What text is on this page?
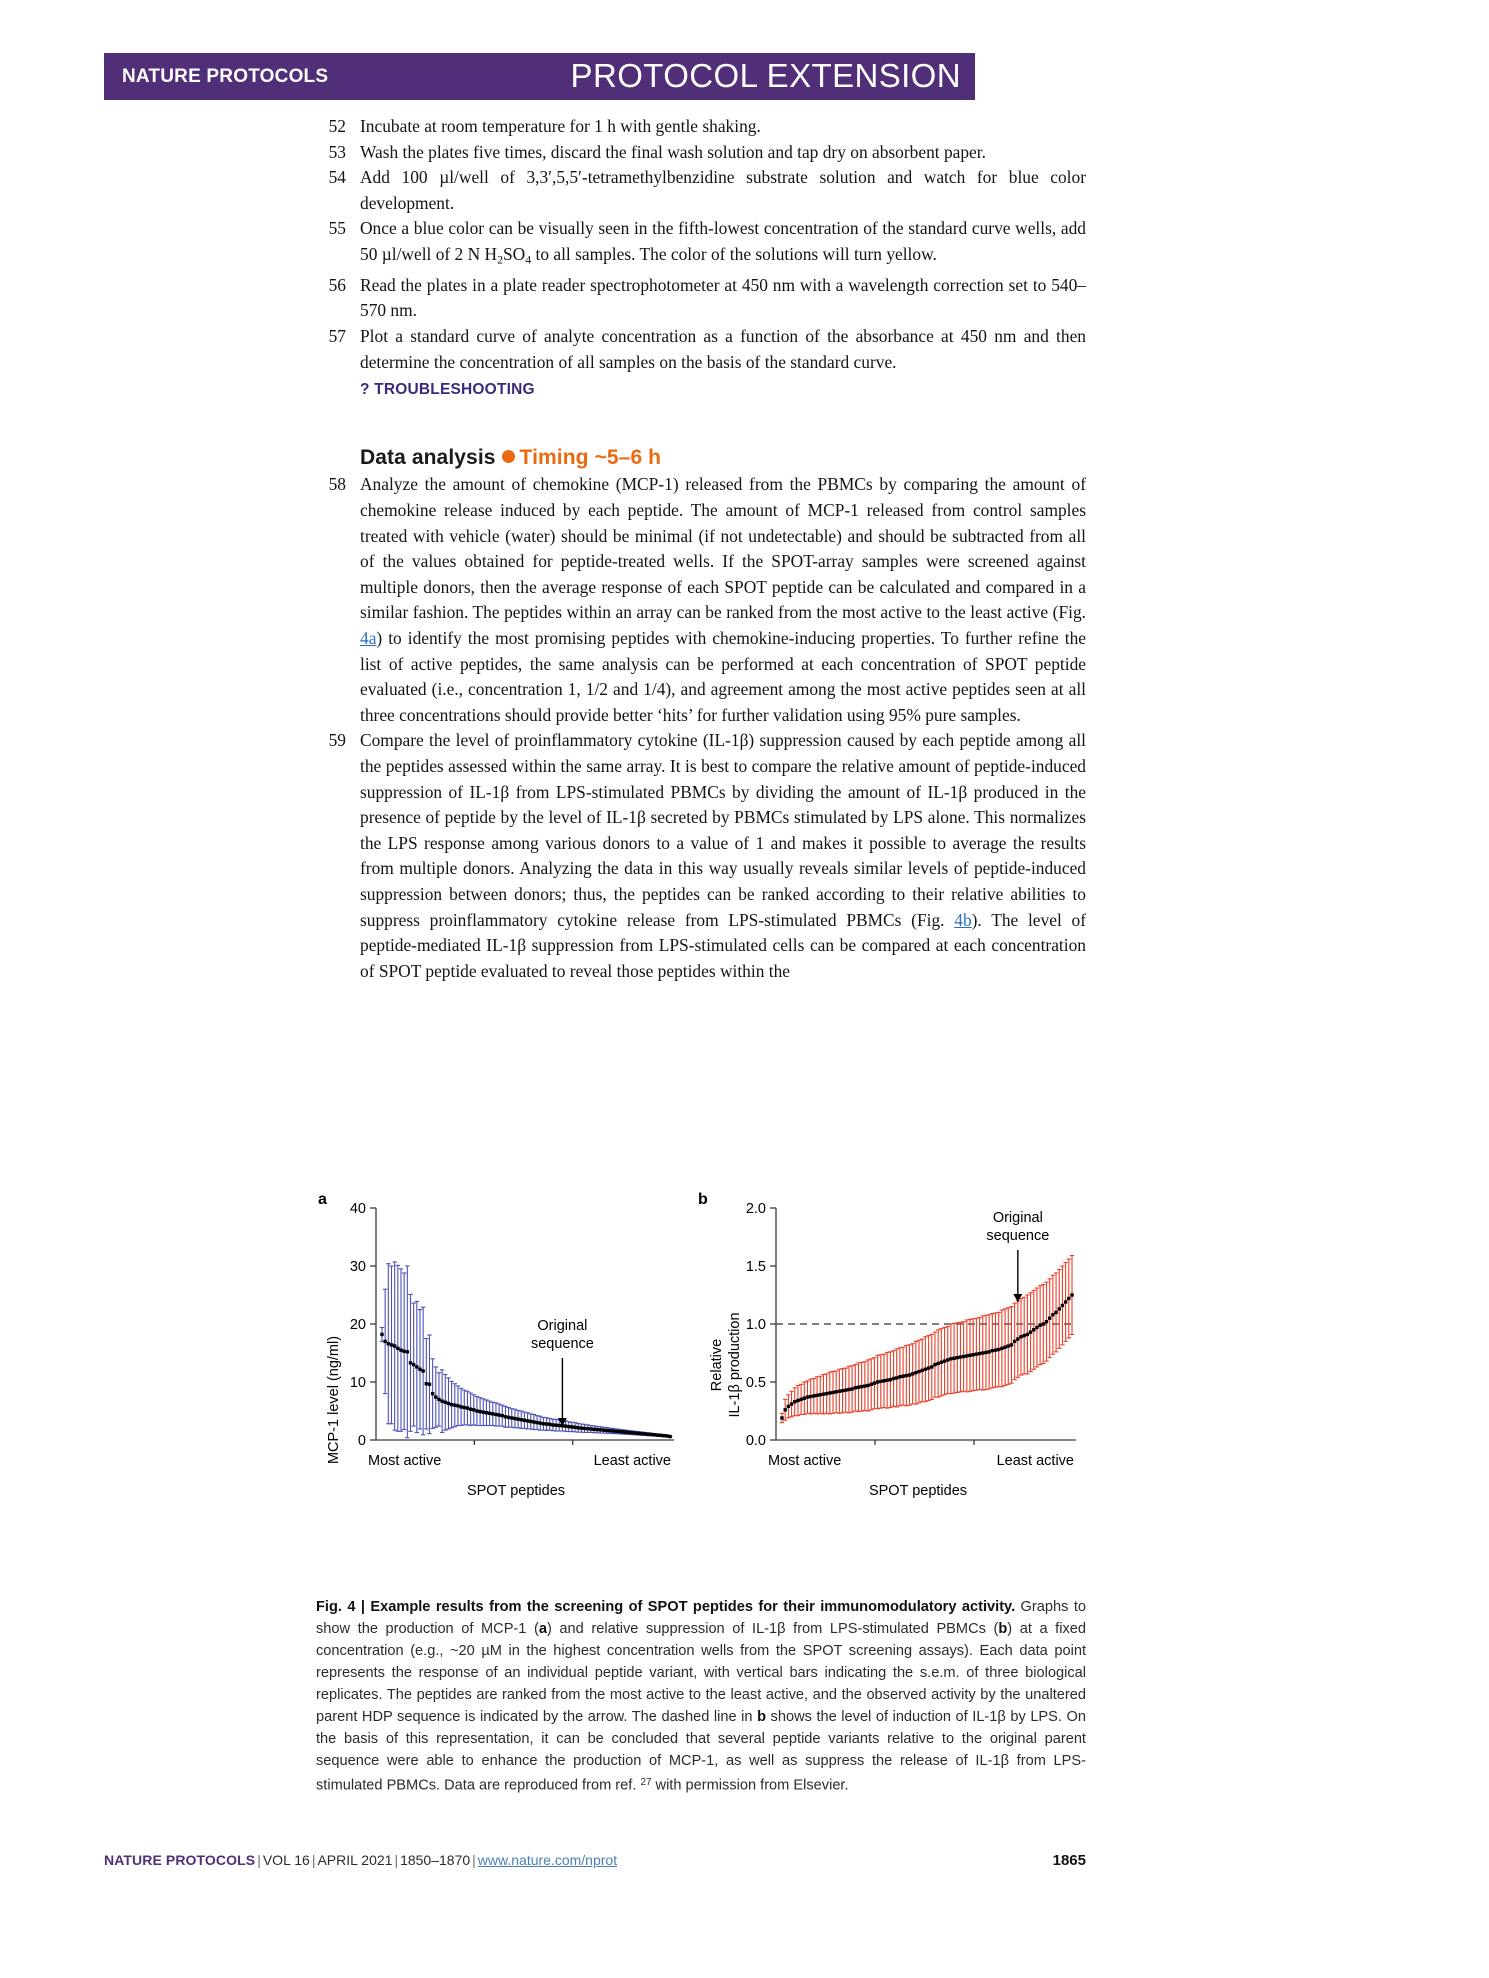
NATURE PROTOCOLS	PROTOCOL EXTENSION
52 Incubate at room temperature for 1 h with gentle shaking.
53 Wash the plates five times, discard the final wash solution and tap dry on absorbent paper.
54 Add 100 µl/well of 3,3′,5,5′-tetramethylbenzidine substrate solution and watch for blue color development.
55 Once a blue color can be visually seen in the fifth-lowest concentration of the standard curve wells, add 50 µl/well of 2 N $H_2SO_4$ to all samples. The color of the solutions will turn yellow.
56 Read the plates in a plate reader spectrophotometer at 450 nm with a wavelength correction set to 540–570 nm.
57 Plot a standard curve of analyte concentration as a function of the absorbance at 450 nm and then determine the concentration of all samples on the basis of the standard curve.
? TROUBLESHOOTING
Data analysis Timing ~5–6 h
58 Analyze the amount of chemokine (MCP-1) released from the PBMCs by comparing the amount of chemokine release induced by each peptide. The amount of MCP-1 released from control samples treated with vehicle (water) should be minimal (if not undetectable) and should be subtracted from all of the values obtained for peptide-treated wells. If the SPOT-array samples were screened against multiple donors, then the average response of each SPOT peptide can be calculated and compared in a similar fashion. The peptides within an array can be ranked from the most active to the least active (Fig. 4a) to identify the most promising peptides with chemokine-inducing properties. To further refine the list of active peptides, the same analysis can be performed at each concentration of SPOT peptide evaluated (i.e., concentration 1, 1/2 and 1/4), and agreement among the most active peptides seen at all three concentrations should provide better ‘hits’ for further validation using 95% pure samples.
59 Compare the level of proinflammatory cytokine (IL-1β) suppression caused by each peptide among all the peptides assessed within the same array. It is best to compare the relative amount of peptide-induced suppression of IL-1β from LPS-stimulated PBMCs by dividing the amount of IL-1β produced in the presence of peptide by the level of IL-1β secreted by PBMCs stimulated by LPS alone. This normalizes the LPS response among various donors to a value of 1 and makes it possible to average the results from multiple donors. Analyzing the data in this way usually reveals similar levels of peptide-induced suppression between donors; thus, the peptides can be ranked according to their relative abilities to suppress proinflammatory cytokine release from LPS-stimulated PBMCs (Fig. 4b). The level of peptide-mediated IL-1β suppression from LPS-stimulated cells can be compared at each concentration of SPOT peptide evaluated to reveal those peptides within the
a
0
10
20
30
40
MCP-1 level (ng/ml) Most active	Least active
SPOT peptides
Original
sequence
b
0.0
0.5
1.0
1.5
2.0
Relative IL-1β production
Most active	Least active
SPOT peptides
Original
sequence
Fig. 4 | Example results from the screening of SPOT peptides for their immunomodulatory activity. Graphs to show the production of MCP-1 (a) and relative suppression of IL-1β from LPS-stimulated PBMCs (b) at a fixed concentration (e.g., ~20 µM in the highest concentration wells from the SPOT screening assays). Each data point represents the response of an individual peptide variant, with vertical bars indicating the s.e.m. of three biological replicates. The peptides are ranked from the most active to the least active, and the observed activity by the unaltered parent HDP sequence is indicated by the arrow. The dashed line in b shows the level of induction of IL-1β by LPS. On the basis of this representation, it can be concluded that several peptide variants relative to the original parent sequence were able to enhance the production of MCP-1, as well as suppress the release of IL-1β from LPS-stimulated PBMCs. Data are reproduced from ref. $^{27}$ with permission from Elsevier.
NATURE PROTOCOLS | VOL 16 | APRIL 2021 | 1850–1870 | www.nature.com/nprot	1865
